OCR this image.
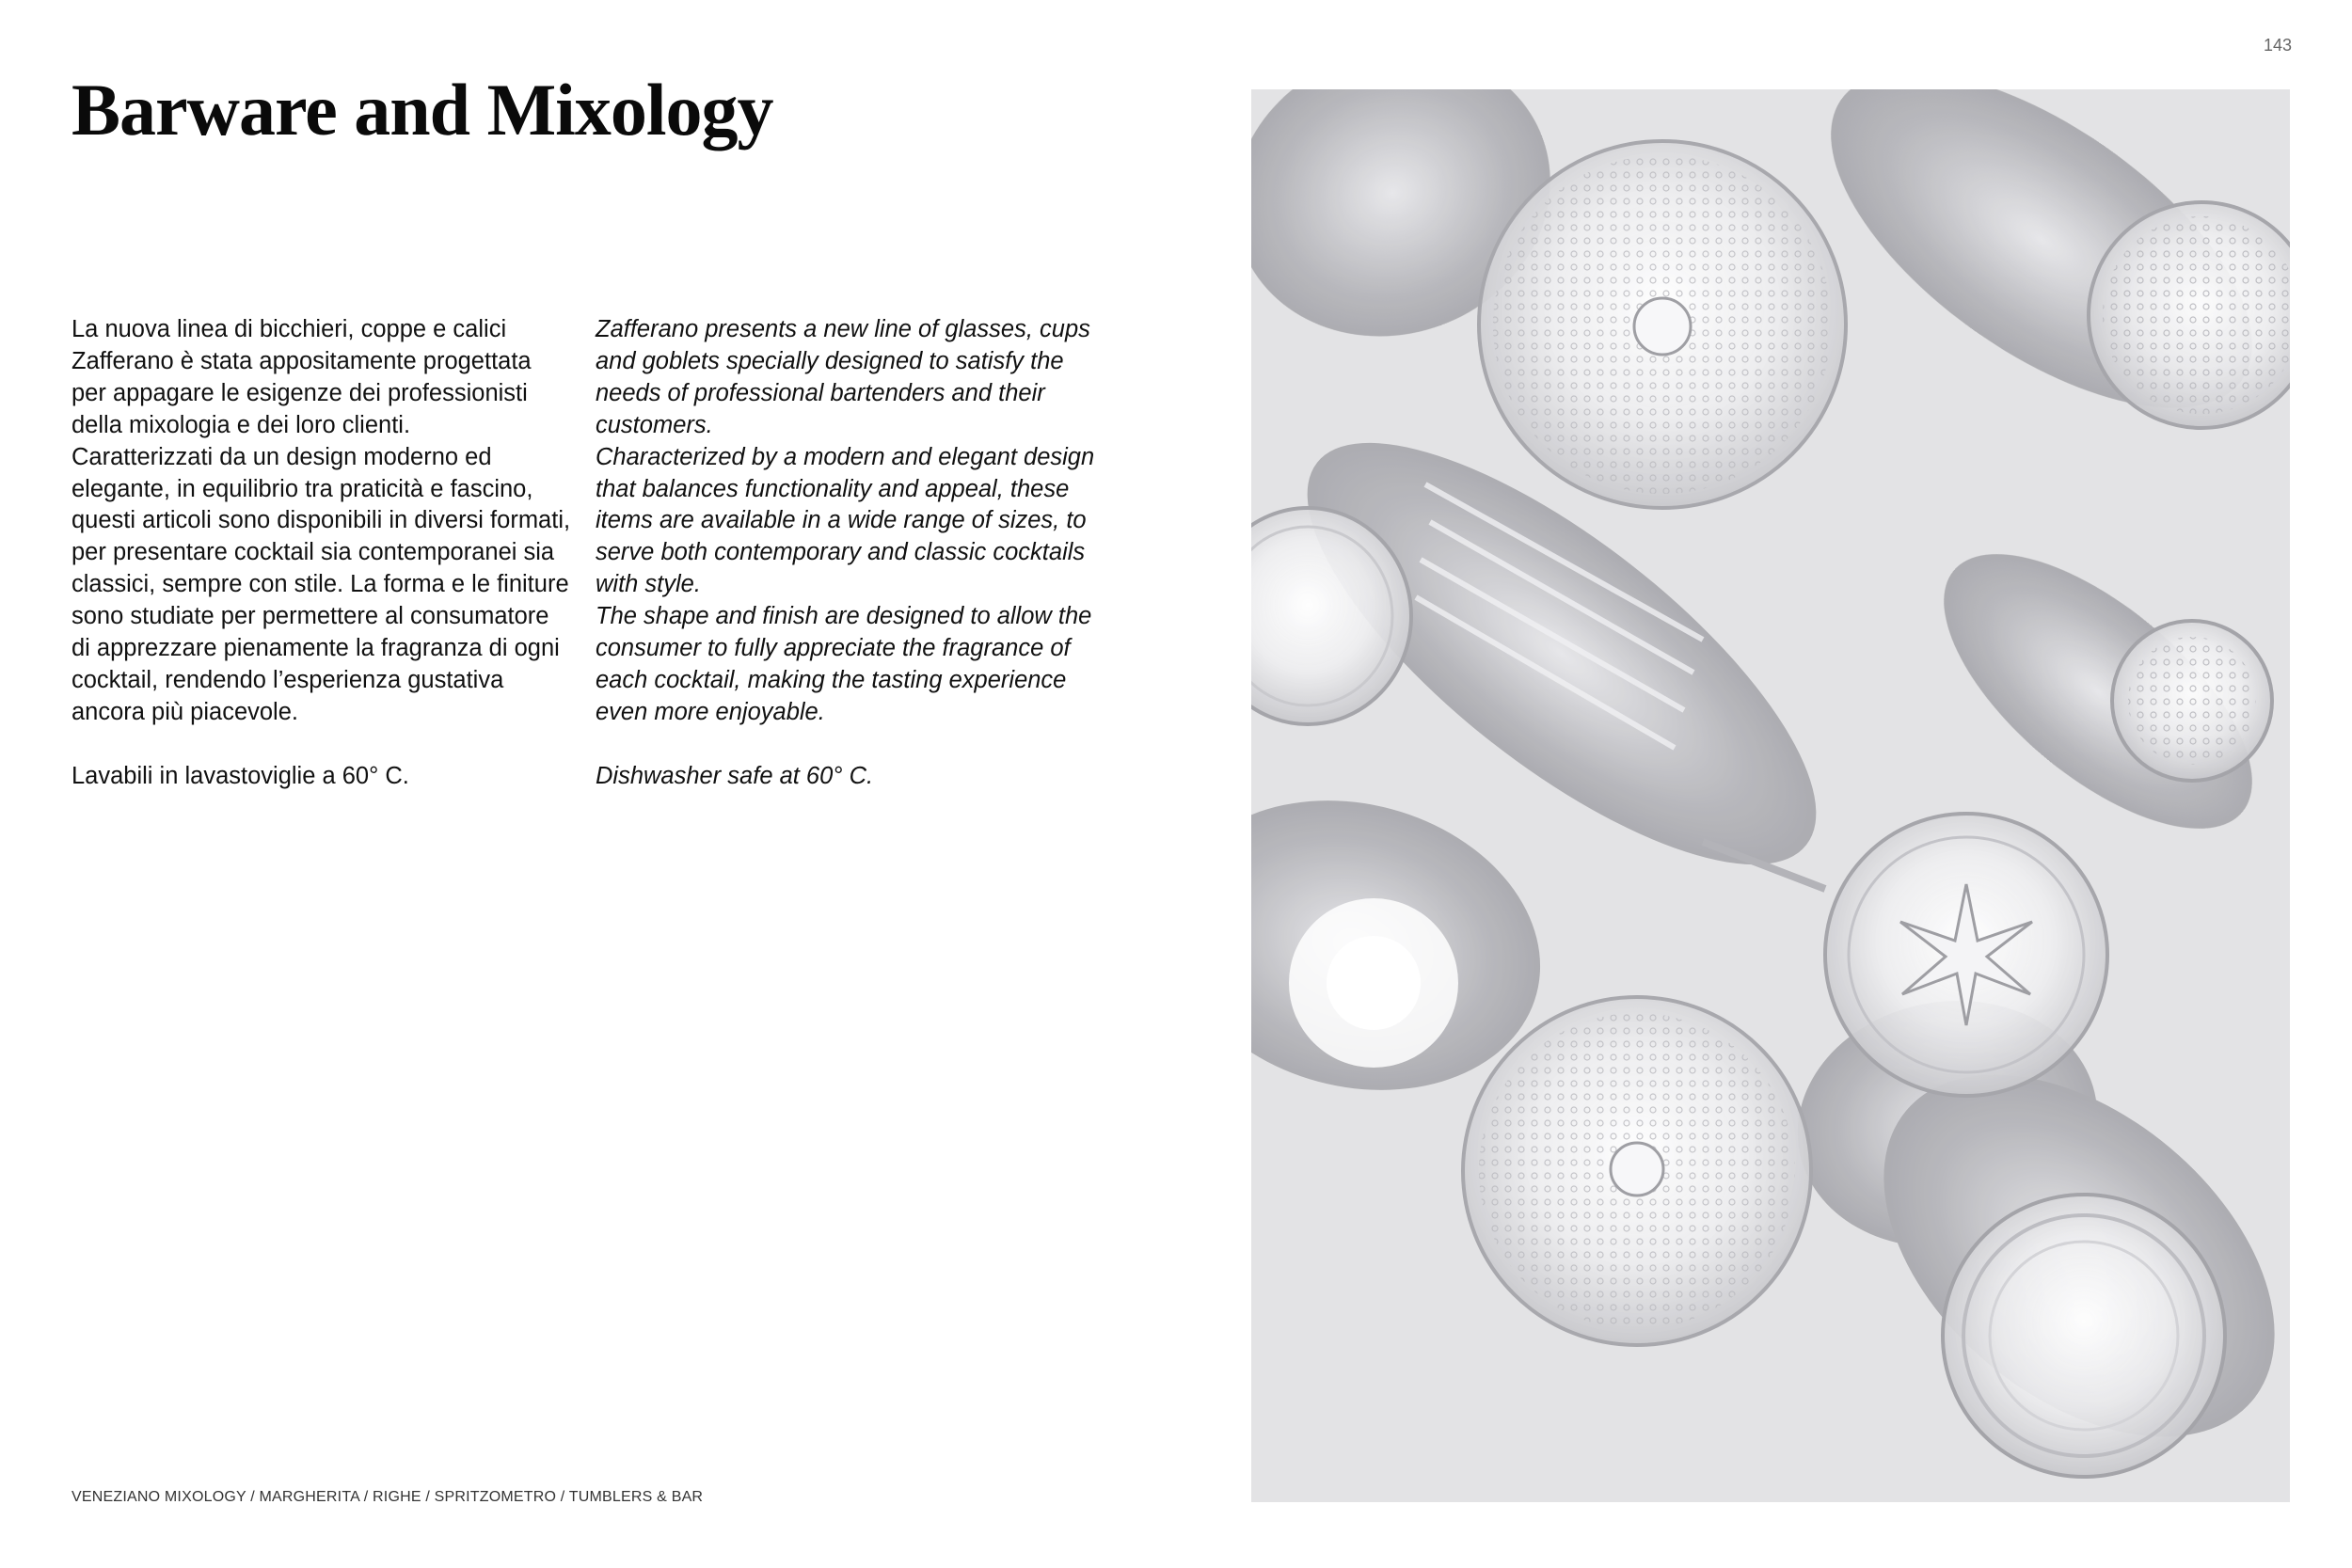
143
Barware and Mixology

La nuova linea di bicchieri, coppe e calici
Zafferano è stata appositamente progettata
per appagare le esigenze dei professionisti
della mixologia e dei loro clienti.
Caratterizzati da un design moderno ed
elegante, in equilibrio tra praticità e fascino,
questi articoli sono disponibili in diversi formati,
per presentare cocktail sia contemporanei sia
classici, sempre con stile. La forma e le finiture
sono studiate per permettere al consumatore
di apprezzare pienamente la fragranza di ogni
cocktail, rendendo l’esperienza gustativa
ancora più piacevole.

Lavabili in lavastoviglie a 60° C.

Zafferano presents a new line of glasses, cups
and goblets specially designed to satisfy the
needs of professional bartenders and their
customers.
Characterized by a modern and elegant design
that balances functionality and appeal, these
items are available in a wide range of sizes, to
serve both contemporary and classic cocktails
with style.
The shape and finish are designed to allow the
consumer to fully appreciate the fragrance of
each cocktail, making the tasting experience
even more enjoyable.

Dishwasher safe at 60° C.

VENEZIANO MIXOLOGY / MARGHERITA / RIGHE / SPRITZOMETRO / TUMBLERS & BAR
